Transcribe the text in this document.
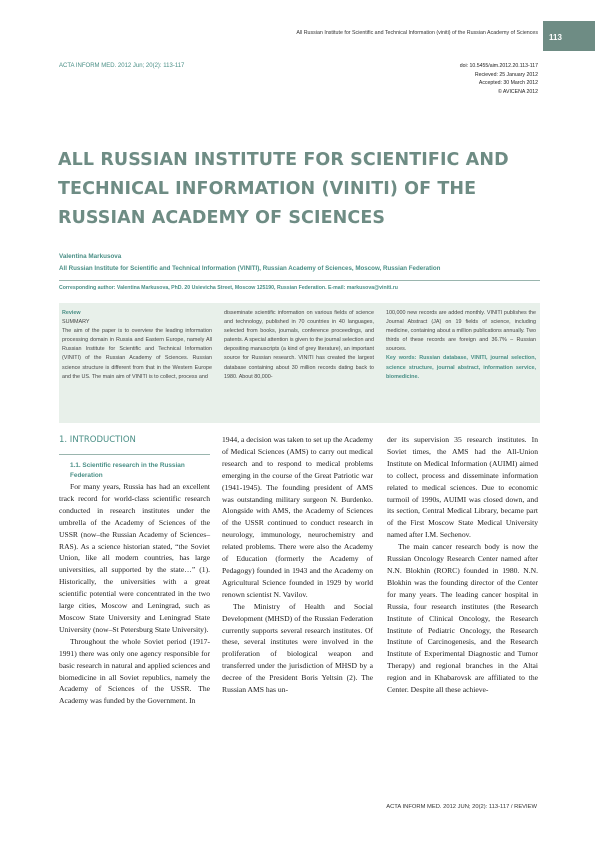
All Russian Institute for Scientific and Technical Information (viniti) of the Russian Academy of Sciences	113
ACTA INFORM MED. 2012 Jun; 20(2): 113-117	doi: 10.5455/aim.2012.20.113-117
Recieved: 25 January 2012
Accepted: 30 March 2012
© AVICENA 2012
ALL RUSSIAN INSTITUTE FOR SCIENTIFIC AND TECHNICAL INFORMATION (VINITI) OF THE RUSSIAN ACADEMY OF SCIENCES
Valentina Markusova
All Russian Institute for Scientific and Technical Information (VINITI), Russian Academy of Sciences, Moscow, Russian Federation
Corresponding author: Valentina Markusova, PhD. 20 Usievicha Street, Moscow 125190, Russian Federation. E-mail: markusova@viniti.ru
Review
SUMMARY
The aim of the paper is to overview the leading information processing domain in Russia and Eastern Europe, namely All Russian Institute for Scientific and Technical Information (VINITI) of the Russian Academy of Sciences. Russian science structure is different from that in the Western Europe and the US. The main aim of VINITI is to collect, process and
disseminate scientific information on various fields of science and technology, published in 70 countries in 40 languages, selected from books, journals, conference proceedings, and patents. A special attention is given to the journal selection and depositing manuscripts (a kind of grey literature), an important source for Russian research. VINITI has created the largest database containing about 30 million records dating back to 1980. About 80,000-
100,000 new records are added monthly. VINITI publishes the Journal Abstract (JA) on 19 fields of science, including medicine, containing about a million publications annually. Two thirds of these records are foreign and 36.7% – Russian sources.
Key words: Russian database, VINITI, journal selection, science structure, journal abstract, information service, biomedicine.
1. INTRODUCTION
1.1. Scientific research in the Russian Federation

For many years, Russia has had an excellent track record for world-class scientific research conducted in research institutes under the umbrella of the Academy of Sciences of the USSR (now–the Russian Academy of Sciences–RAS). As a science historian stated, “the Soviet Union, like all modern countries, has large universities, all supported by the state…” (1). Historically, the universities with a great scientific potential were concentrated in the two large cities, Moscow and Leningrad, such as Moscow State University and Leningrad State University (now–St Petersburg State University).

Throughout the whole Soviet period (1917-1991) there was only one agency responsible for basic research in natural and applied sciences and biomedicine in all Soviet republics, namely the Academy of Sciences of the USSR. The Academy was funded by the Government. In

1944, a decision was taken to set up the Academy of Medical Sciences (AMS) to carry out medical research and to respond to medical problems emerging in the course of the Great Patriotic war (1941-1945). The founding president of AMS was outstanding military surgeon N. Burdenko. Alongside with AMS, the Academy of Sciences of the USSR continued to conduct research in neurology, immunology, neurochemistry and related problems. There were also the Academy of Education (formerly the Academy of Pedagogy) founded in 1943 and the Academy on Agricultural Science founded in 1929 by world renown scientist N. Vavilov.

The Ministry of Health and Social Development (MHSD) of the Russian Federation currently supports several research institutes. Of these, several institutes were involved in the proliferation of biological weapon and transferred under the jurisdiction of MHSD by a decree of the President Boris Yeltsin (2). The Russian AMS has un-

der its supervision 35 research institutes. In Soviet times, the AMS had the All-Union Institute on Medical Information (AUIMI) aimed to collect, process and disseminate information related to medical sciences. Due to economic turmoil of 1990s, AUIMI was closed down, and its section, Central Medical Library, became part of the First Moscow State Medical University named after I.M. Sechenov.

The main cancer research body is now the Russian Oncology Research Center named after N.N. Blokhin (RORC) founded in 1980. N.N. Blokhin was the founding director of the Center for many years. The leading cancer hospital in Russia, four research institutes (the Research Institute of Clinical Oncology, the Research Institute of Pediatric Oncology, the Research Institute of Carcinogenesis, and the Research Institute of Experimental Diagnostic and Tumor Therapy) and regional branches in the Altai region and in Khabarovsk are affiliated to the Center. Despite all these achieve-

ACTA INFORM MED. 2012 JUN; 20(2): 113-117 / REVIEW
